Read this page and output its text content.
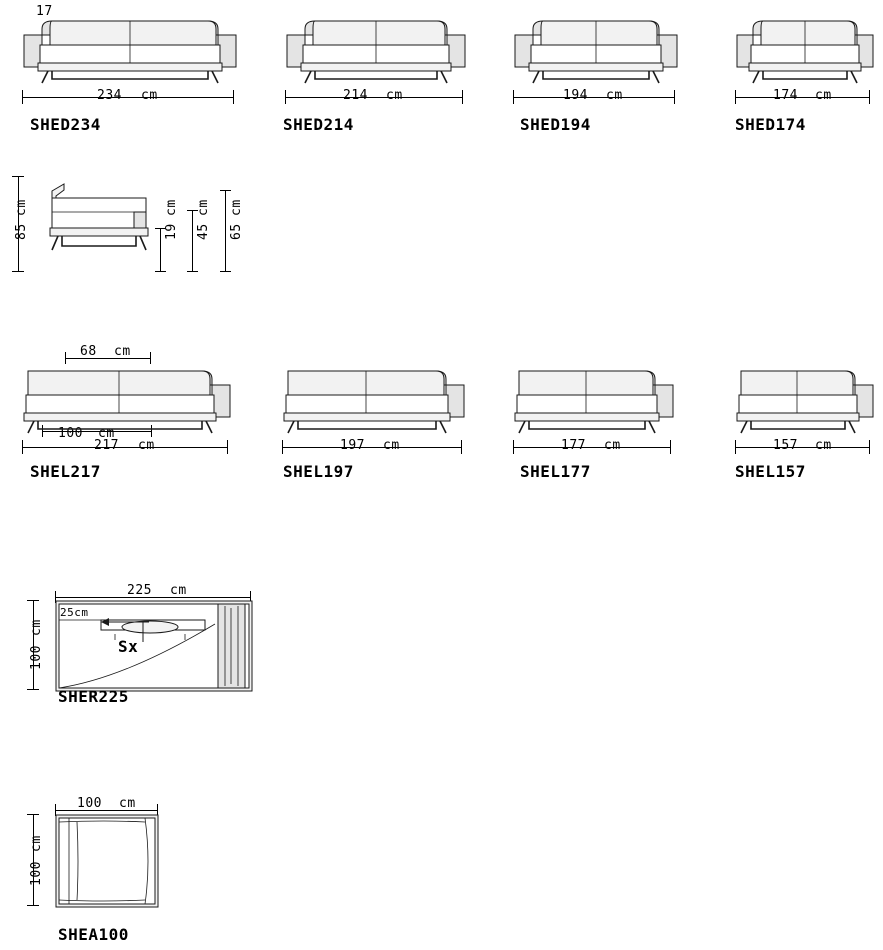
234 cm
SHED234
214 cm
SHED214
194 cm
SHED194
174 cm
SHED174
17
68 cm
100 cm
85
cm
19
cm
45
cm
65
cm
217 cm
SHEL217
197 cm
SHEL197
177 cm
SHEL177
157 cm
SHEL157
225 cm
25cm
Sx
100
cm
SHER225
100 cm
100
cm
SHEA100
